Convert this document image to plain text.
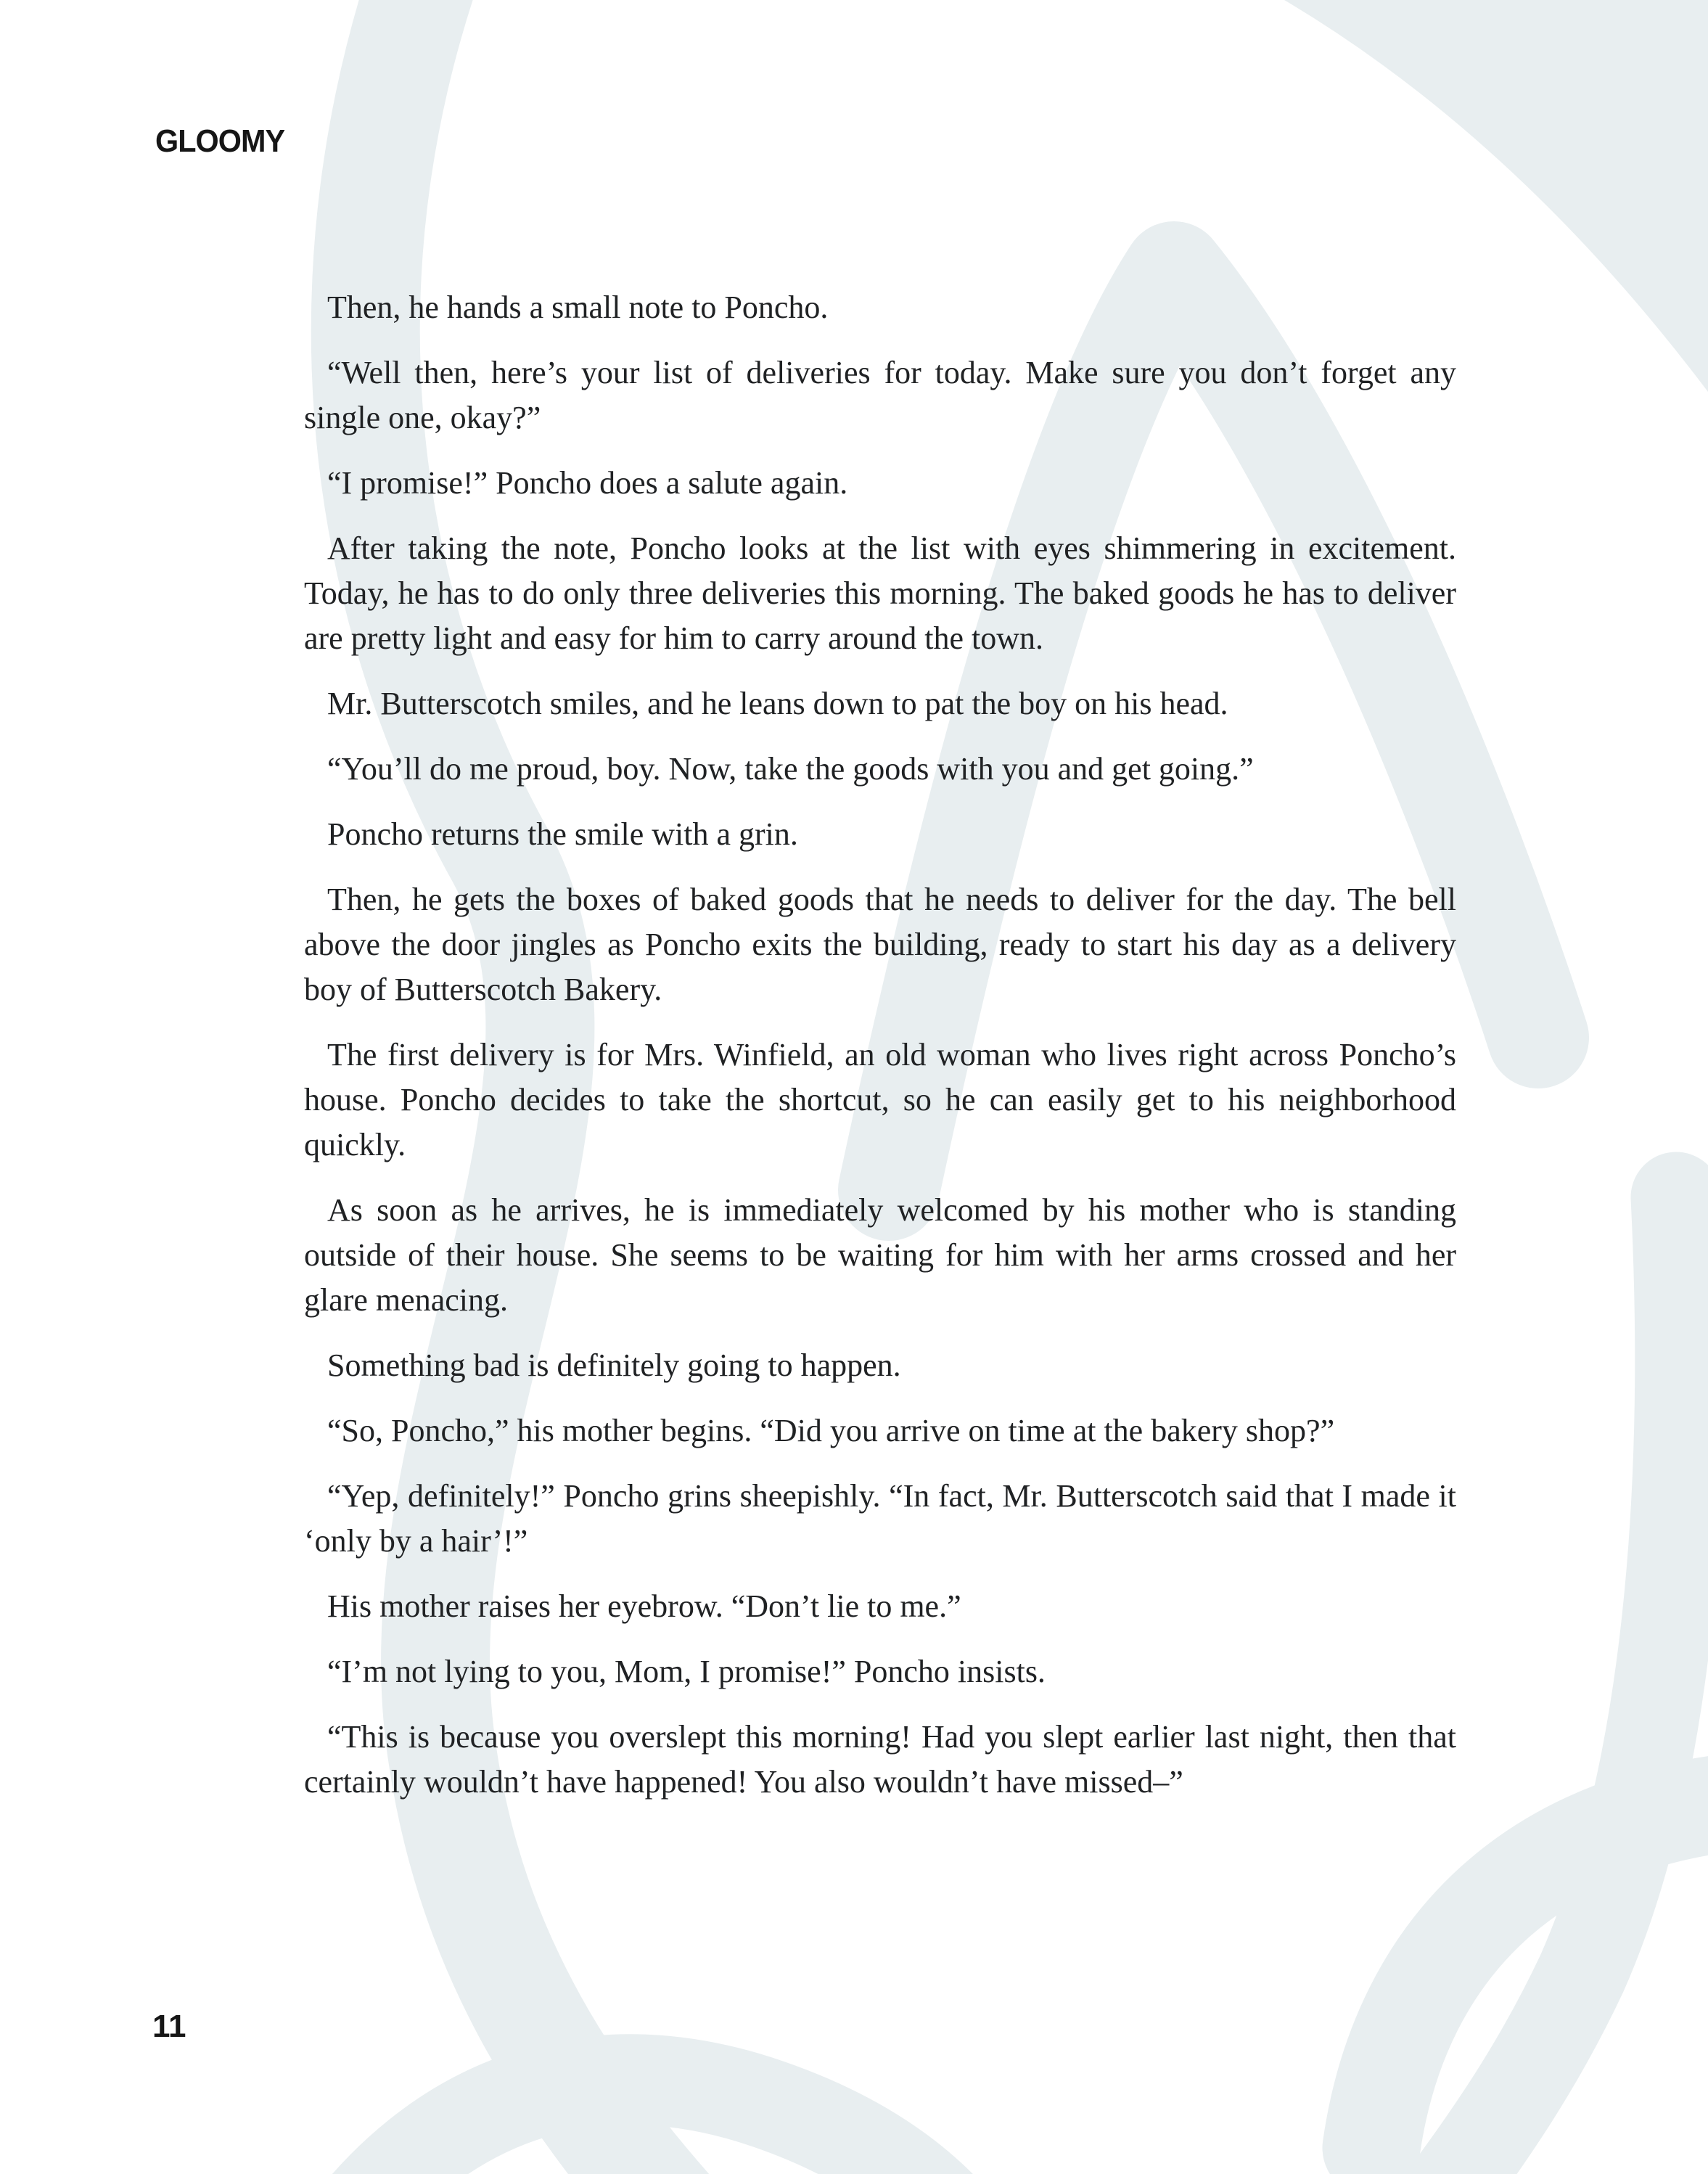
GLOOMY

Then, he hands a small note to Poncho.

“Well then, here’s your list of deliveries for today. Make sure you don’t forget any single one, okay?”

“I promise!” Poncho does a salute again.

After taking the note, Poncho looks at the list with eyes shimmering in excitement. Today, he has to do only three deliveries this morning. The baked goods he has to deliver are pretty light and easy for him to carry around the town.

Mr. Butterscotch smiles, and he leans down to pat the boy on his head.

“You’ll do me proud, boy. Now, take the goods with you and get going.”

Poncho returns the smile with a grin.

Then, he gets the boxes of baked goods that he needs to deliver for the day. The bell above the door jingles as Poncho exits the building, ready to start his day as a delivery boy of Butterscotch Bakery.

The first delivery is for Mrs. Winfield, an old woman who lives right across Poncho’s house. Poncho decides to take the shortcut, so he can easily get to his neighborhood quickly.

As soon as he arrives, he is immediately welcomed by his mother who is standing outside of their house. She seems to be waiting for him with her arms crossed and her glare menacing.

Something bad is definitely going to happen.

“So, Poncho,” his mother begins. “Did you arrive on time at the bakery shop?”

“Yep, definitely!” Poncho grins sheepishly. “In fact, Mr. Butterscotch said that I made it ‘only by a hair’!”

His mother raises her eyebrow. “Don’t lie to me.”

“I’m not lying to you, Mom, I promise!” Poncho insists.

“This is because you overslept this morning! Had you slept earlier last night, then that certainly wouldn’t have happened! You also wouldn’t have missed–”

11
